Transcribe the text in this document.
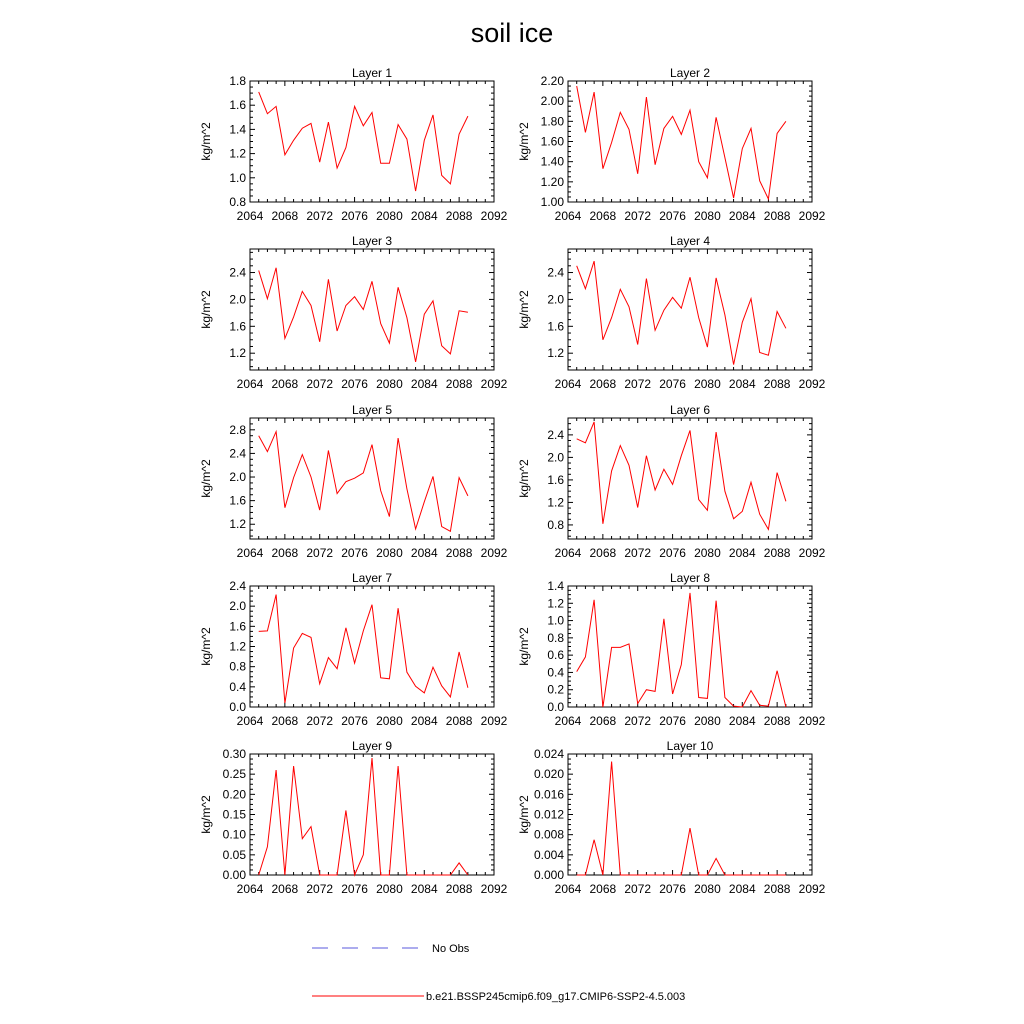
soil ice
Layer 1
2064 2068 2072 2076 2080 2084 2088 2092
0.8
1.0
1.2
1.4
1.6
1.8
kg/m^2
Layer 2
2064 2068 2072 2076 2080 2084 2088 2092
1.00
1.20
1.40
1.60
1.80
2.00
2.20
kg/m^2
Layer 3
2064 2068 2072 2076 2080 2084 2088 2092
1.2
1.6
2.0
2.4
kg/m^2
Layer 4
2064 2068 2072 2076 2080 2084 2088 2092
1.2
1.6
2.0
2.4
kg/m^2
Layer 5
2064 2068 2072 2076 2080 2084 2088 2092
1.2
1.6
2.0
2.4
2.8
kg/m^2
Layer 6
2064 2068 2072 2076 2080 2084 2088 2092
0.8
1.2
1.6
2.0
2.4
kg/m^2
Layer 7
2064 2068 2072 2076 2080 2084 2088 2092
0.0
0.4
0.8
1.2
1.6
2.0
2.4
kg/m^2
Layer 8
2064 2068 2072 2076 2080 2084 2088 2092
0.0
0.2
0.4
0.6
0.8
1.0
1.2
1.4
kg/m^2
Layer 9
2064 2068 2072 2076 2080 2084 2088 2092
0.00
0.05
0.10
0.15
0.20
0.25
0.30
kg/m^2
Layer 10
2064 2068 2072 2076 2080 2084 2088 2092
0.000
0.004
0.008
0.012
0.016
0.020
0.024
kg/m^2
No Obs
b.e21.BSSP245cmip6.f09_g17.CMIP6-SSP2-4.5.003
